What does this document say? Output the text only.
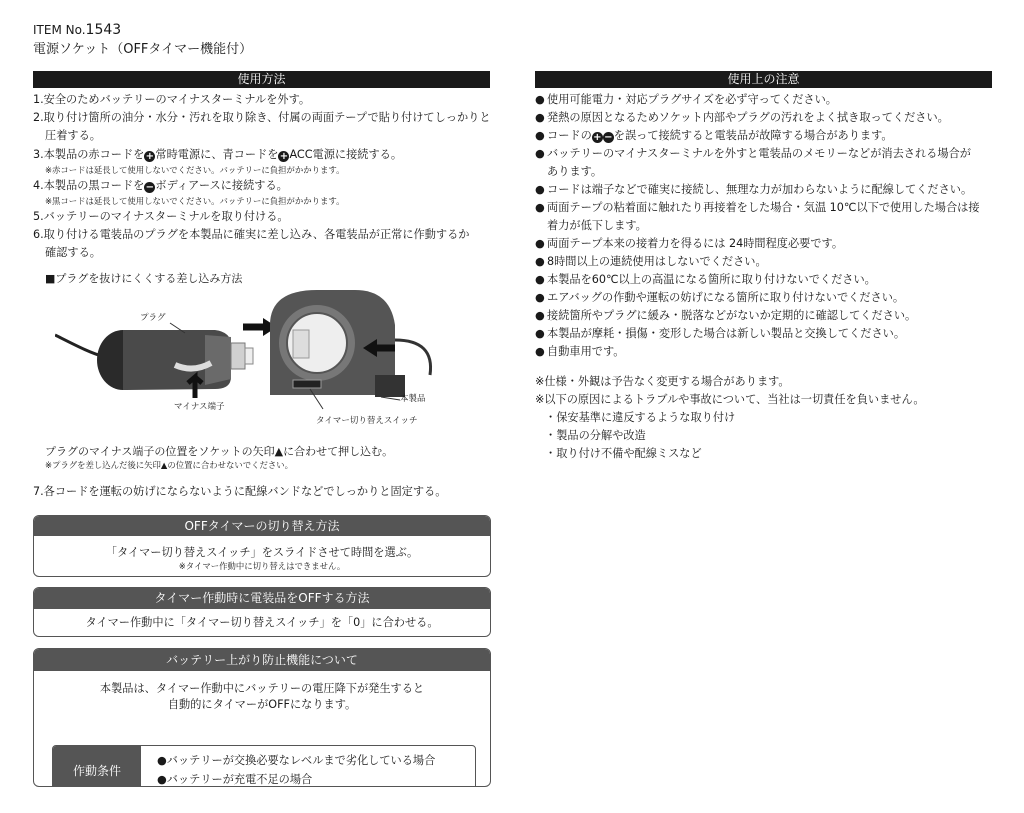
ITEM No.1543
電源ソケット（OFFタイマー機能付）
使用方法
1.安全のためバッテリーのマイナスターミナルを外す。
2.取り付け箇所の油分・水分・汚れを取り除き、付属の両面テープで貼り付けてしっかりと
圧着する。
3.本製品の赤コードを+常時電源に、青コードを+ACC電源に接続する。
※赤コードは延長して使用しないでください。バッテリーに負担がかかります。
4.本製品の黒コードを−ボディアースに接続する。
※黒コードは延長して使用しないでください。バッテリーに負担がかかります。
5.バッテリーのマイナスターミナルを取り付ける。
6.取り付ける電装品のプラグを本製品に確実に差し込み、各電装品が正常に作動するか
確認する。
■プラグを抜けにくくする差し込み方法
プラグ
マイナス端子
本製品
タイマー切り替えスイッチ
プラグのマイナス端子の位置をソケットの矢印▲に合わせて押し込む。
※プラグを差し込んだ後に矢印▲の位置に合わせないでください。
7.各コードを運転の妨げにならないように配線バンドなどでしっかりと固定する。
OFFタイマーの切り替え方法
「タイマー切り替えスイッチ」をスライドさせて時間を選ぶ。
※タイマー作動中に切り替えはできません。
タイマー作動時に電装品をOFFする方法
タイマー作動中に「タイマー切り替えスイッチ」を「0」に合わせる。
バッテリー上がり防止機能について
本製品は、タイマー作動中にバッテリーの電圧降下が発生すると
自動的にタイマーがOFFになります。
作動条件
●バッテリーが交換必要なレベルまで劣化している場合
●バッテリーが充電不足の場合
使用上の注意
● 使用可能電力・対応プラグサイズを必ず守ってください。
● 発熱の原因となるためソケット内部やプラグの汚れをよく拭き取ってください。
● コードの+ −を誤って接続すると電装品が故障する場合があります。
● バッテリーのマイナスターミナルを外すと電装品のメモリーなどが消去される場合が
あります。
● コードは端子などで確実に接続し、無理な力が加わらないように配線してください。
● 両面テープの粘着面に触れたり再接着をした場合・気温 10℃以下で使用した場合は接
着力が低下します。
● 両面テープ本来の接着力を得るには 24時間程度必要です。
● 8時間以上の連続使用はしないでください。
● 本製品を60℃以上の高温になる箇所に取り付けないでください。
● エアバッグの作動や運転の妨げになる箇所に取り付けないでください。
● 接続箇所やプラグに緩み・脱落などがないか定期的に確認してください。
● 本製品が摩耗・損傷・変形した場合は新しい製品と交換してください。
● 自動車用です。
※仕様・外観は予告なく変更する場合があります。
※以下の原因によるトラブルや事故について、当社は一切責任を負いません。
・保安基準に違反するような取り付け
・製品の分解や改造
・取り付け不備や配線ミスなど
